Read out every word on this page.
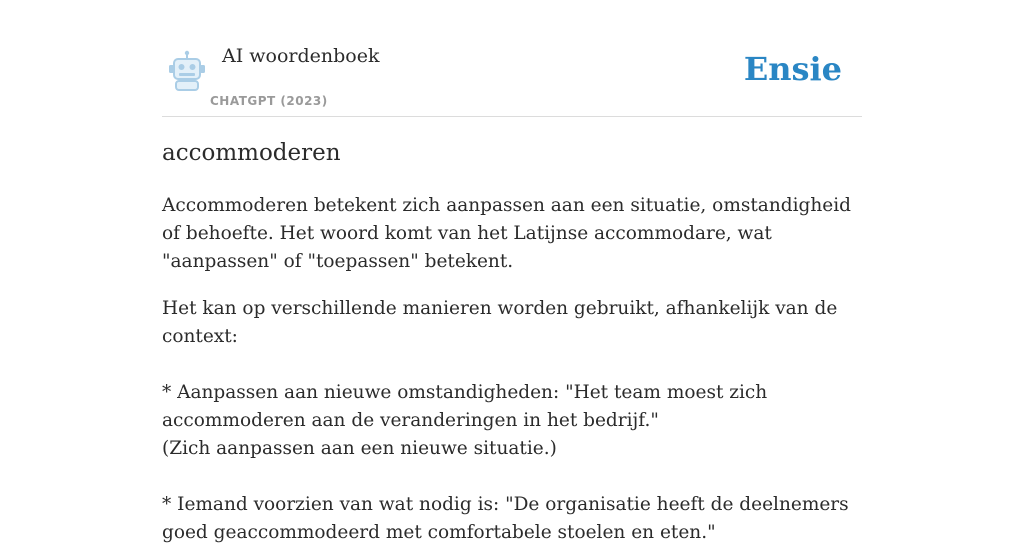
AI woordenboek
CHATGPT (2023)
Ensie
accommoderen

Accommoderen betekent zich aanpassen aan een situatie, omstandigheid of behoefte. Het woord komt van het Latijnse accommodare, wat "aanpassen" of "toepassen" betekent.

Het kan op verschillende manieren worden gebruikt, afhankelijk van de context:

* Aanpassen aan nieuwe omstandigheden: "Het team moest zich accommoderen aan de veranderingen in het bedrijf."

(Zich aanpassen aan een nieuwe situatie.)

* Iemand voorzien van wat nodig is: "De organisatie heeft de deelnemers goed geaccommodeerd met comfortabele stoelen en eten."
